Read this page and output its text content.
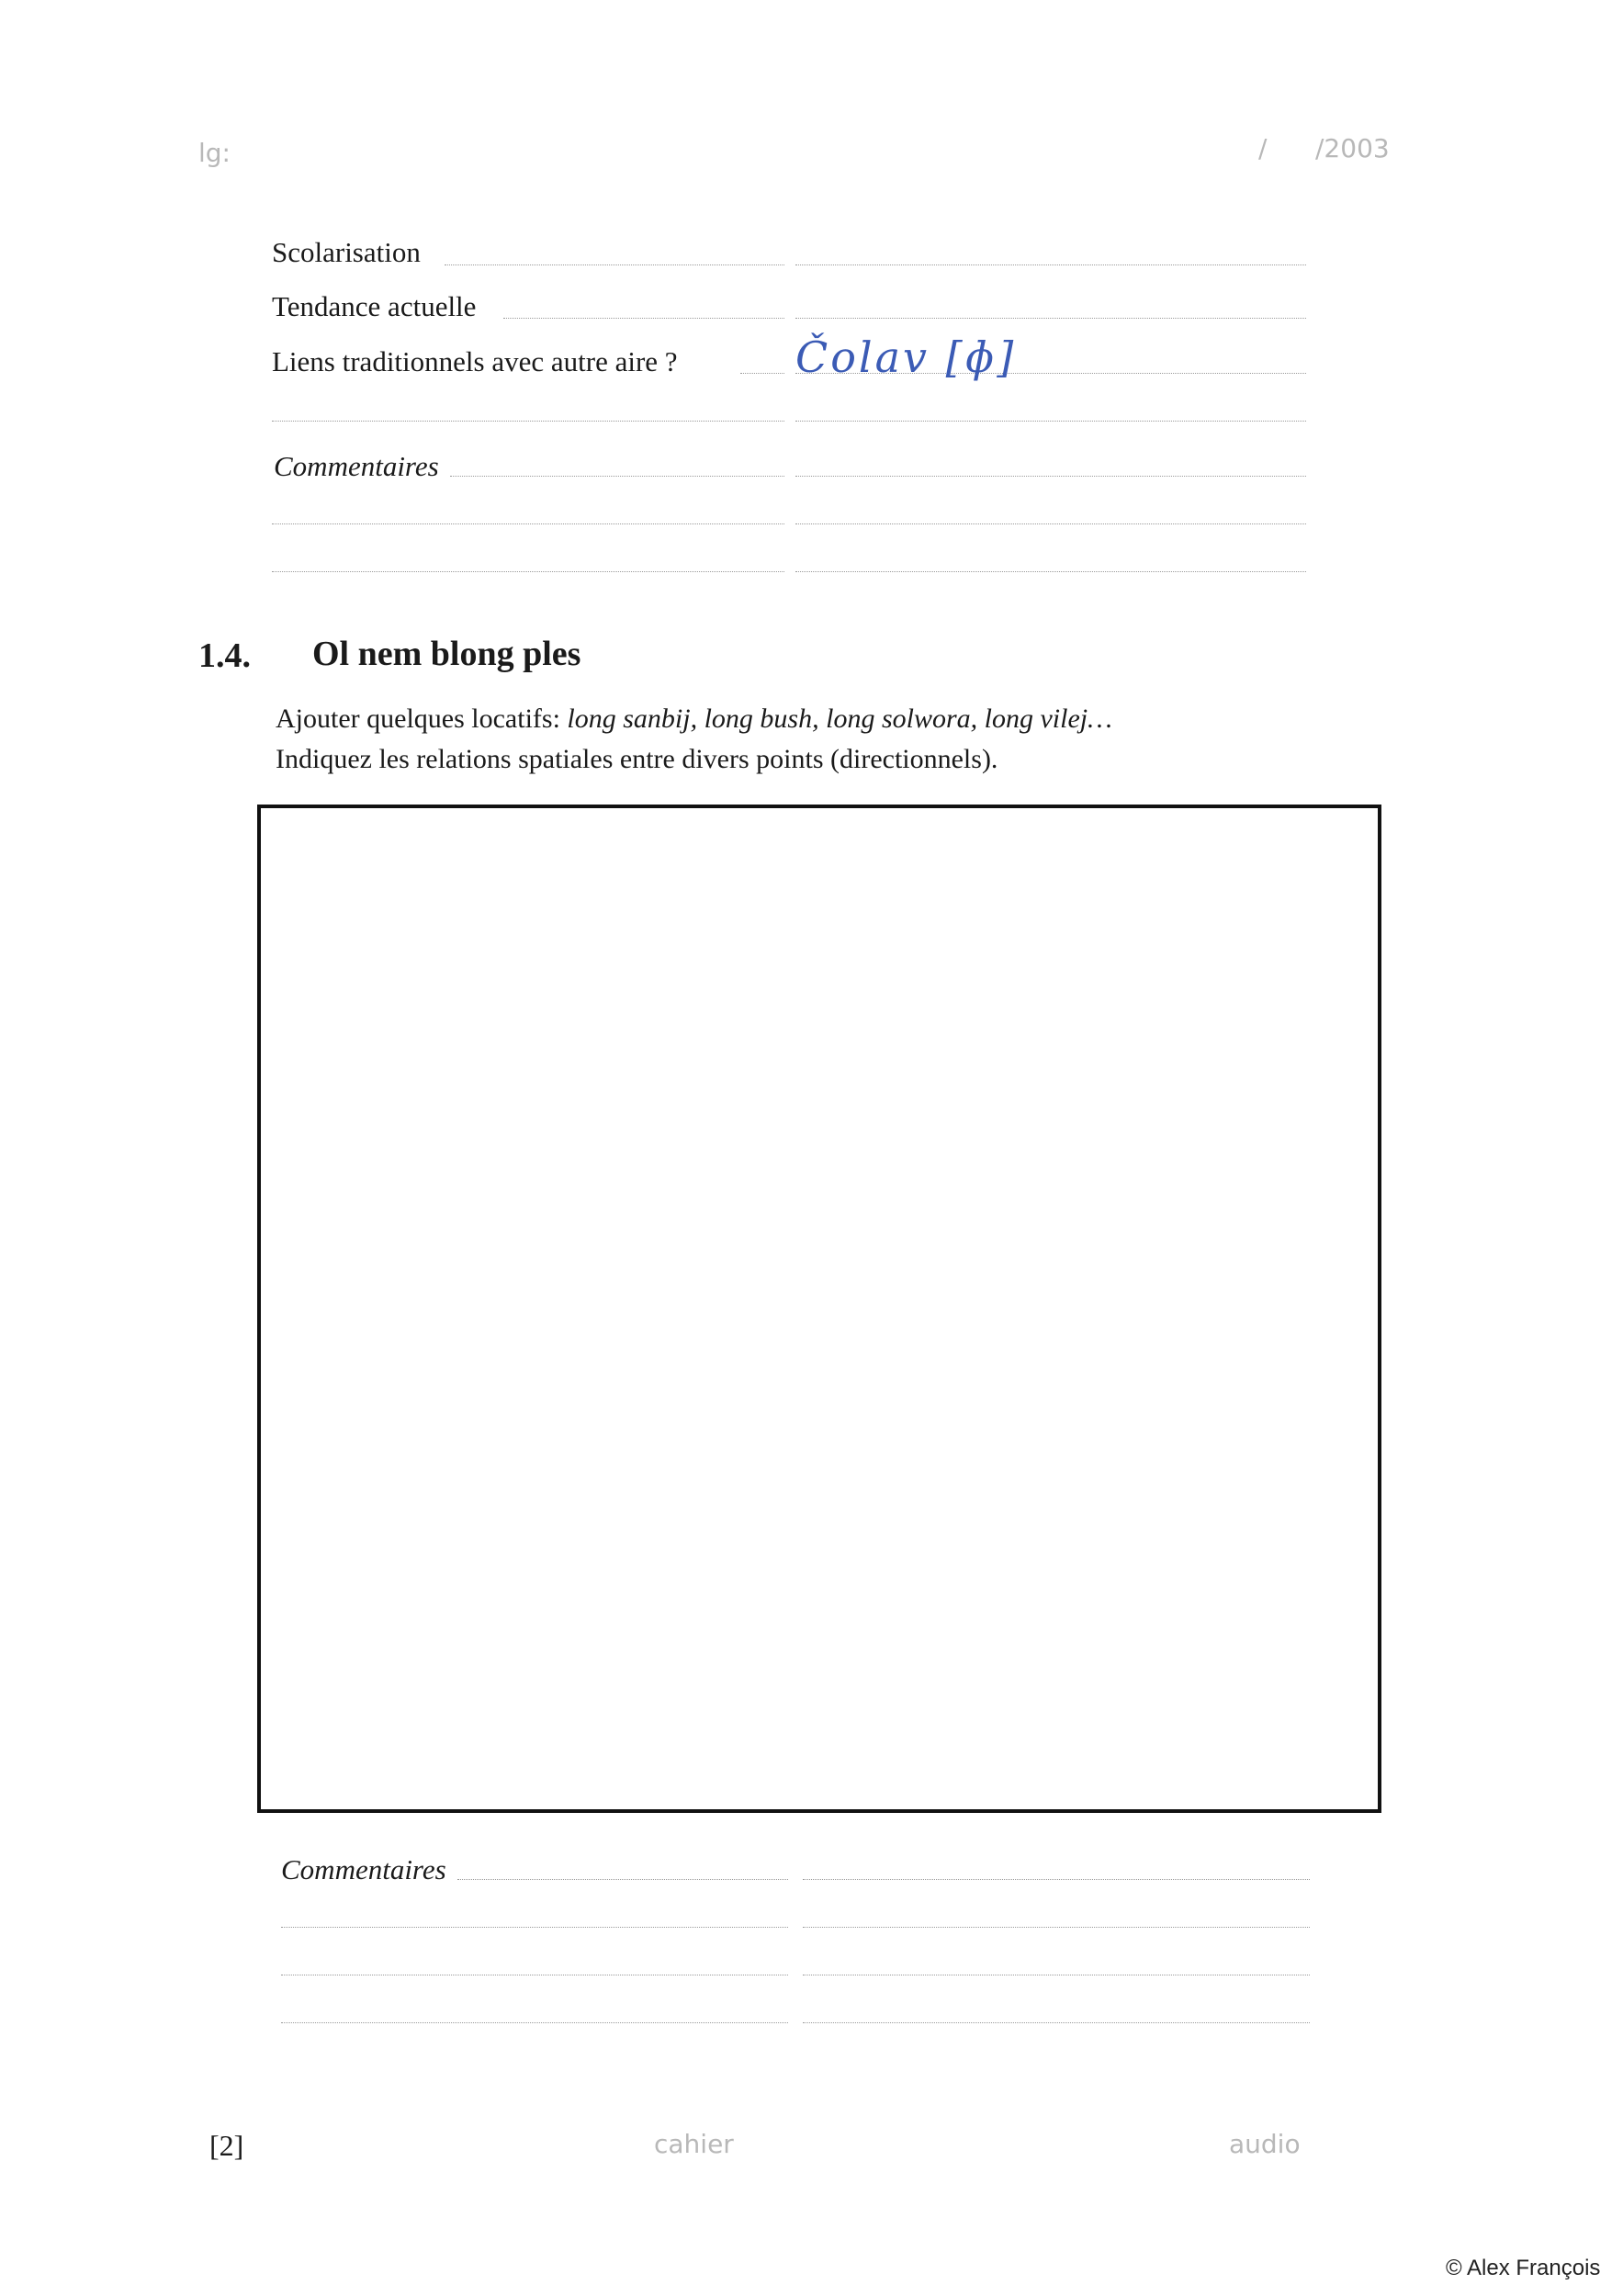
lg:	/ /2003
Scolarisation
Tendance actuelle
Liens traditionnels avec autre aire ?	Čolav [ɸ]
Commentaires
1.4. Ol nem blong ples
Ajouter quelques locatifs: long sanbij, long bush, long solwora, long vilej…
Indiquez les relations spatiales entre divers points (directionnels).
Commentaires
[2]	cahier	audio
© Alex François
